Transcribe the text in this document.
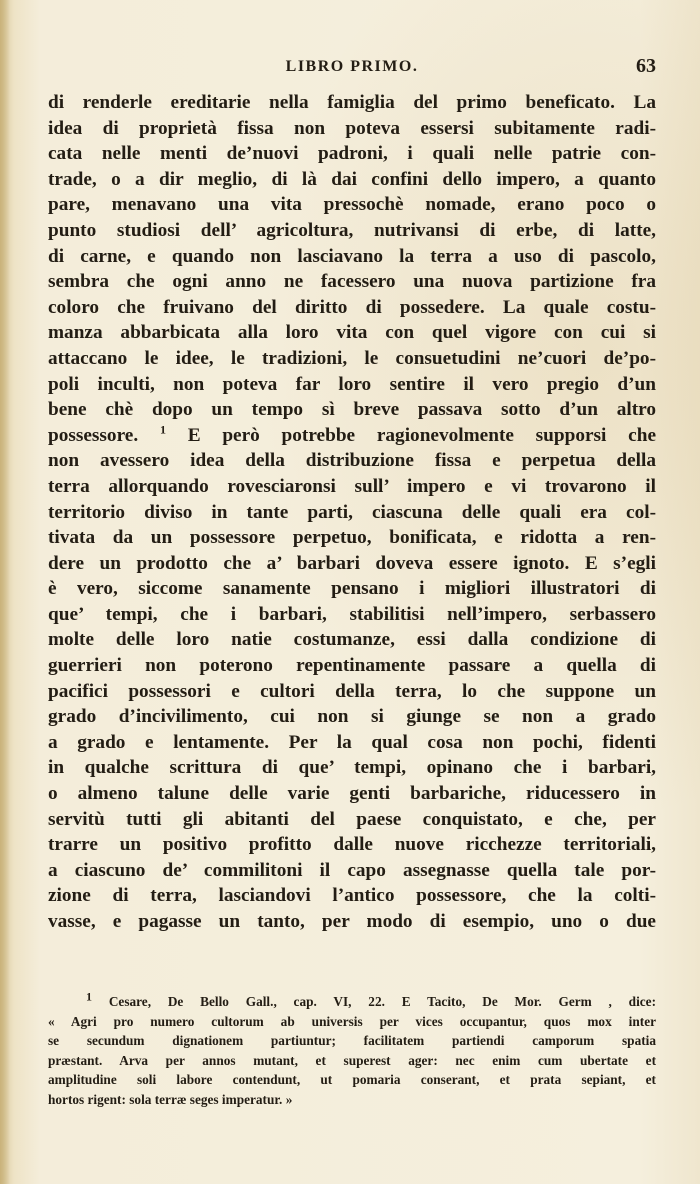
LIBRO PRIMO.	63
di renderle ereditarie nella famiglia del primo beneficato. La
idea di proprietà fissa non poteva essersi subitamente radi-
cata nelle menti de’nuovi padroni, i quali nelle patrie con-
trade, o a dir meglio, di là dai confini dello impero, a quanto
pare, menavano una vita pressochè nomade, erano poco o
punto studiosi dell’ agricoltura, nutrivansi di erbe, di latte,
di carne, e quando non lasciavano la terra a uso di pascolo,
sembra che ogni anno ne facessero una nuova partizione fra
coloro che fruivano del diritto di possedere. La quale costu-
manza abbarbicata alla loro vita con quel vigore con cui si
attaccano le idee, le tradizioni, le consuetudini ne’cuori de’po-
poli inculti, non poteva far loro sentire il vero pregio d’un
bene chè dopo un tempo sì breve passava sotto d’un altro
possessore. $^1$ E però potrebbe ragionevolmente supporsi che
non avessero idea della distribuzione fissa e perpetua della
terra allorquando rovesciaronsi sull’ impero e vi trovarono il
territorio diviso in tante parti, ciascuna delle quali era col-
tivata da un possessore perpetuo, bonificata, e ridotta a ren-
dere un prodotto che a’ barbari doveva essere ignoto. E s’egli
è vero, siccome sanamente pensano i migliori illustratori di
que’ tempi, che i barbari, stabilitisi nell’impero, serbassero
molte delle loro natie costumanze, essi dalla condizione di
guerrieri non poterono repentinamente passare a quella di
pacifici possessori e cultori della terra, lo che suppone un
grado d’incivilimento, cui non si giunge se non a grado
a grado e lentamente. Per la qual cosa non pochi, fidenti
in qualche scrittura di que’ tempi, opinano che i barbari,
o almeno talune delle varie genti barbariche, riducessero in
servitù tutti gli abitanti del paese conquistato, e che, per
trarre un positivo profitto dalle nuove ricchezze territoriali,
a ciascuno de’ commilitoni il capo assegnasse quella tale por-
zione di terra, lasciandovi l’antico possessore, che la colti-
vasse, e pagasse un tanto, per modo di esempio, uno o due
1 Cesare, De Bello Gall., cap. VI, 22. E Tacito, De Mor. Germ , dice:
« Agri pro numero cultorum ab universis per vices occupantur, quos mox inter
se secundum dignationem partiuntur; facilitatem partiendi camporum spatia
præstant. Arva per annos mutant, et superest ager: nec enim cum ubertate et
amplitudine soli labore contendunt, ut pomaria conserant, et prata sepiant, et
hortos rigent: sola terræ seges imperatur. »
